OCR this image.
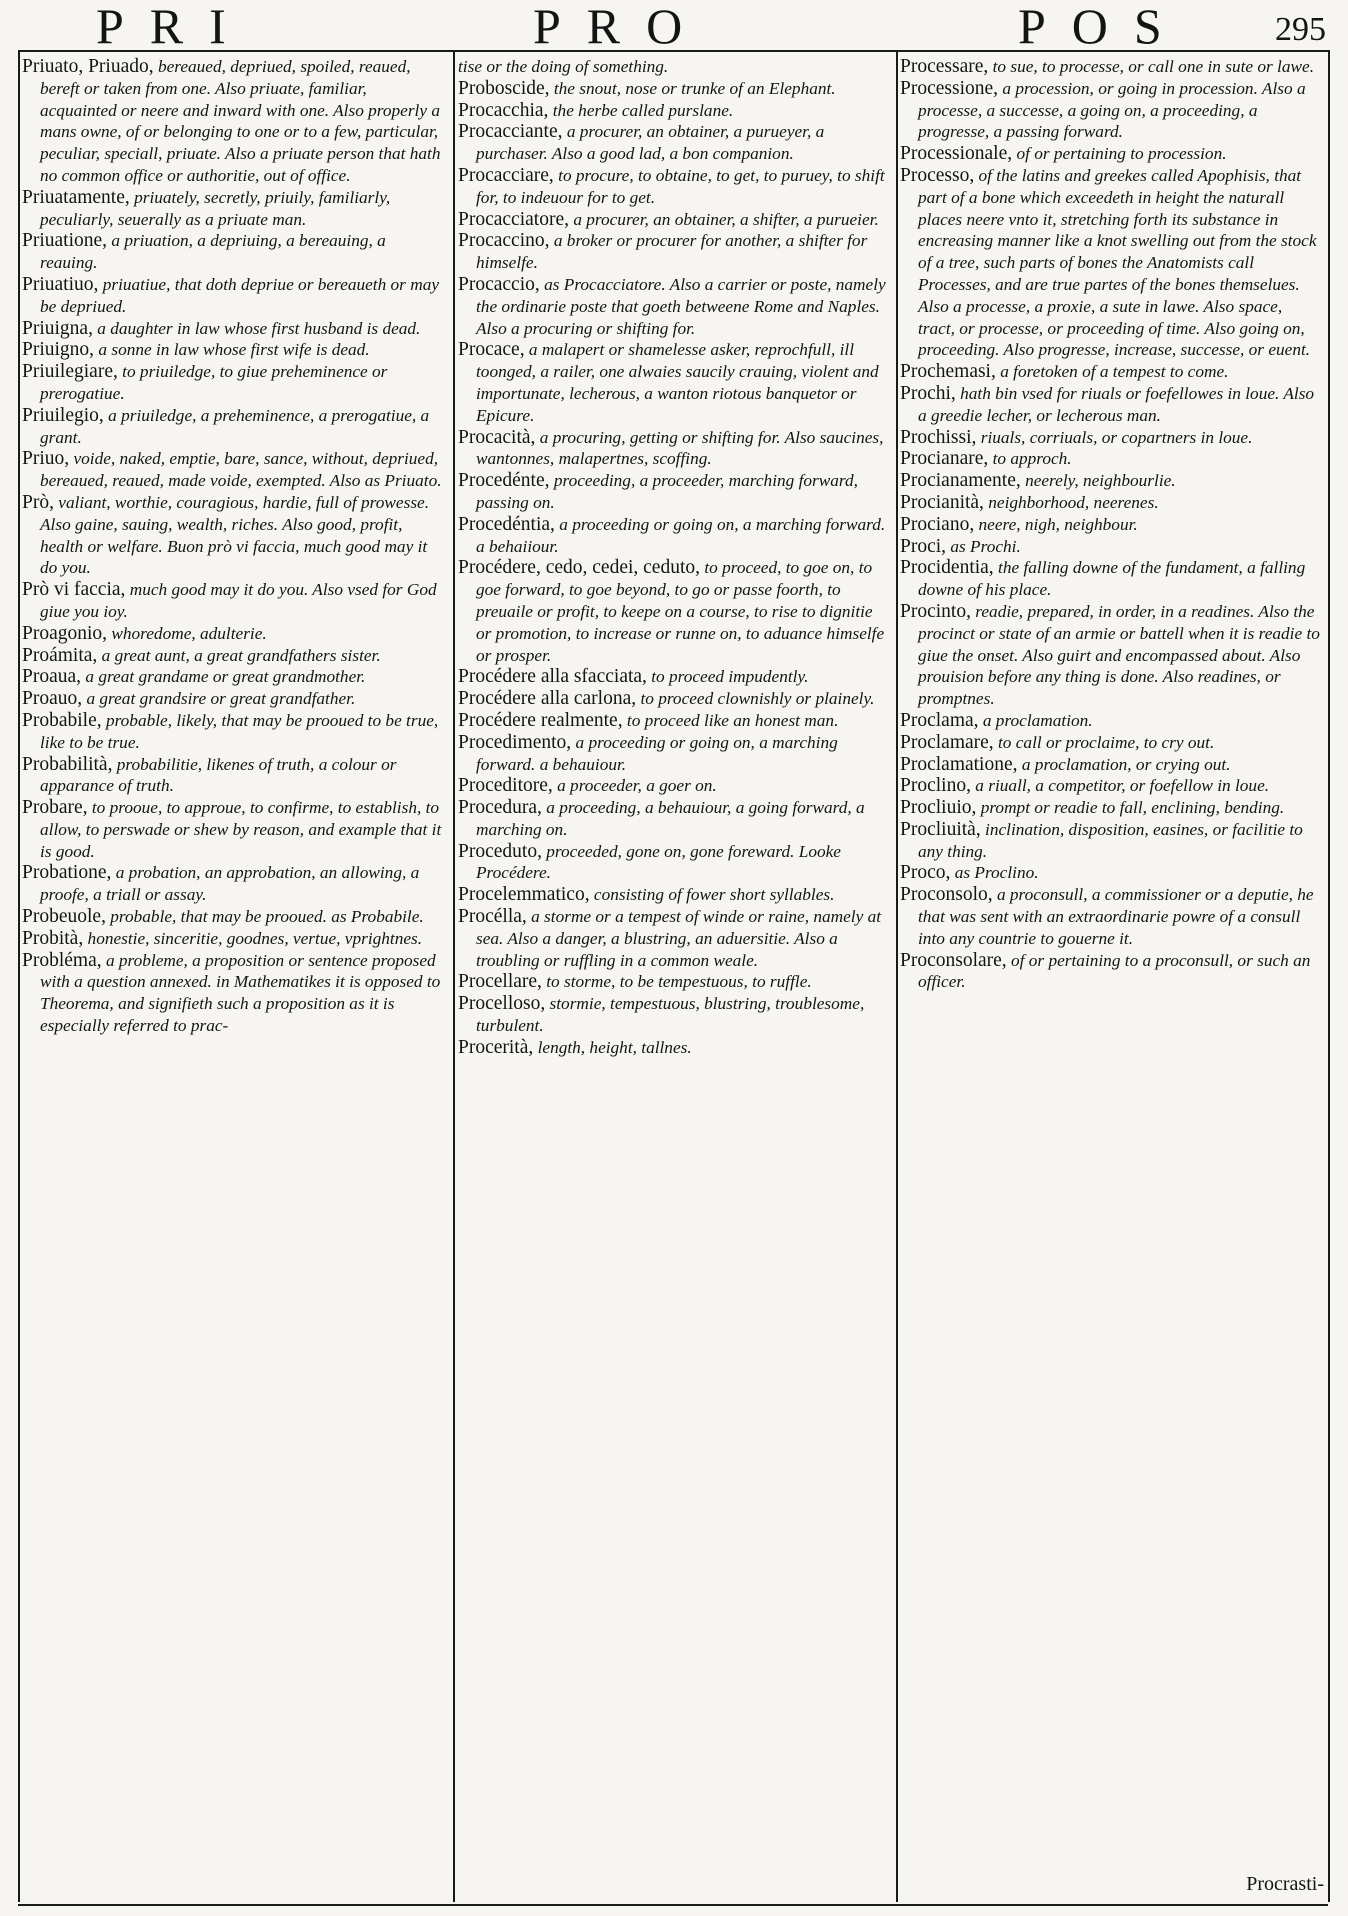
PRI	PRO	POS	295

Priuato, Priuado, bereaued, depriued, spoiled, reaued, bereft or taken from one. Also priuate, familiar, acquainted or neere and inward with one. Also properly a mans owne, of or belonging to one or to a few, particular, peculiar, speciall, priuate. Also a priuate person that hath no common office or authoritie, out of office.

Priuatamente, priuately, secretly, priuily, familiarly, peculiarly, seuerally as a priuate man.

Priuatione, a priuation, a depriuing, a bereauing, a reauing.

Priuatiuo, priuatiue, that doth depriue or bereaueth or may be depriued.

Priuigna, a daughter in law whose first husband is dead.

Priuigno, a sonne in law whose first wife is dead.

Priuilegiare, to priuiledge, to giue preheminence or prerogatiue.

Priuilegio, a priuiledge, a preheminence, a prerogatiue, a grant.

Priuo, voide, naked, emptie, bare, sance, without, depriued, bereaued, reaued, made voide, exempted. Also as Priuato.

Prò, valiant, worthie, couragious, hardie, full of prowesse. Also gaine, sauing, wealth, riches. Also good, profit, health or welfare. Buon prò vi faccia, much good may it do you.

Prò vi faccia, much good may it do you. Also vsed for God giue you ioy.

Proagonio, whoredome, adulterie.

Proámita, a great aunt, a great grandfathers sister.

Proaua, a great grandame or great grandmother.

Proauo, a great grandsire or great grandfather.

Probabile, probable, likely, that may be prooued to be true, like to be true.

Probabilità, probabilitie, likenes of truth, a colour or apparance of truth.

Probare, to prooue, to approue, to confirme, to establish, to allow, to perswade or shew by reason, and example that it is good.

Probatione, a probation, an approbation, an allowing, a proofe, a triall or assay.

Probeuole, probable, that may be prooued. as Probabile.

Probità, honestie, sinceritie, goodnes, vertue, vprightnes.

Probléma, a probleme, a proposition or sentence proposed with a question annexed. in Mathematikes it is opposed to Theorema, and signifieth such a proposition as it is especially referred to prac-

tise or the doing of something.

Proboscide, the snout, nose or trunke of an Elephant.

Procacchia, the herbe called purslane.

Procacciante, a procurer, an obtainer, a purueyer, a purchaser. Also a good lad, a bon companion.

Procacciare, to procure, to obtaine, to get, to puruey, to shift for, to indeuour for to get.

Procacciatore, a procurer, an obtainer, a shifter, a purueier.

Procaccino, a broker or procurer for another, a shifter for himselfe.

Procaccio, as Procacciatore. Also a carrier or poste, namely the ordinarie poste that goeth betweene Rome and Naples. Also a procuring or shifting for.

Procace, a malapert or shamelesse asker, reprochfull, ill toonged, a railer, one alwaies saucily crauing, violent and importunate, lecherous, a wanton riotous banquetor or Epicure.

Procacità, a procuring, getting or shifting for. Also saucines, wantonnes, malapertnes, scoffing.

Procedénte, proceeding, a proceeder, marching forward, passing on.

Procedéntia, a proceeding or going on, a marching forward. a behaiiour.

Procédere, cedo, cedei, ceduto, to proceed, to goe on, to goe forward, to goe beyond, to go or passe foorth, to preuaile or profit, to keepe on a course, to rise to dignitie or promotion, to increase or runne on, to aduance himselfe or prosper.

Procédere alla sfacciata, to proceed impudently.

Procédere alla carlona, to proceed clownishly or plainely.

Procédere realmente, to proceed like an honest man.

Procedimento, a proceeding or going on, a marching forward. a behauiour.

Proceditore, a proceeder, a goer on.

Procedura, a proceeding, a behauiour, a going forward, a marching on.

Proceduto, proceeded, gone on, gone foreward. Looke Procédere.

Procelemmatico, consisting of fower short syllables.

Procélla, a storme or a tempest of winde or raine, namely at sea. Also a danger, a blustring, an aduersitie. Also a troubling or ruffling in a common weale.

Procellare, to storme, to be tempestuous, to ruffle.

Procelloso, stormie, tempestuous, blustring, troublesome, turbulent.

Procerità, length, height, tallnes.

Processare, to sue, to processe, or call one in sute or lawe.

Processione, a procession, or going in procession. Also a processe, a successe, a going on, a proceeding, a progresse, a passing forward.

Processionale, of or pertaining to procession.

Processo, of the latins and greekes called Apophisis, that part of a bone which exceedeth in height the naturall places neere vnto it, stretching forth its substance in encreasing manner like a knot swelling out from the stock of a tree, such parts of bones the Anatomists call Processes, and are true partes of the bones themselues. Also a processe, a proxie, a sute in lawe. Also space, tract, or processe, or proceeding of time. Also going on, proceeding. Also progresse, increase, successe, or euent.

Prochemasi, a foretoken of a tempest to come.

Prochi, hath bin vsed for riuals or foefellowes in loue. Also a greedie lecher, or lecherous man.

Prochissi, riuals, corriuals, or copartners in loue.

Procianare, to approch.

Procianamente, neerely, neighbourlie.

Procianità, neighborhood, neerenes.

Prociano, neere, nigh, neighbour.

Proci, as Prochi.

Procidentia, the falling downe of the fundament, a falling downe of his place.

Procinto, readie, prepared, in order, in a readines. Also the procinct or state of an armie or battell when it is readie to giue the onset. Also guirt and encompassed about. Also prouision before any thing is done. Also readines, or promptnes.

Proclama, a proclamation.

Proclamare, to call or proclaime, to cry out.

Proclamatione, a proclamation, or crying out.

Proclino, a riuall, a competitor, or foefellow in loue.

Procliuio, prompt or readie to fall, enclining, bending.

Procliuità, inclination, disposition, easines, or facilitie to any thing.

Proco, as Proclino.

Proconsolo, a proconsull, a commissioner or a deputie, he that was sent with an extraordinarie powre of a consull into any countrie to gouerne it.

Proconsolare, of or pertaining to a proconsull, or such an officer.

Procrasti-
